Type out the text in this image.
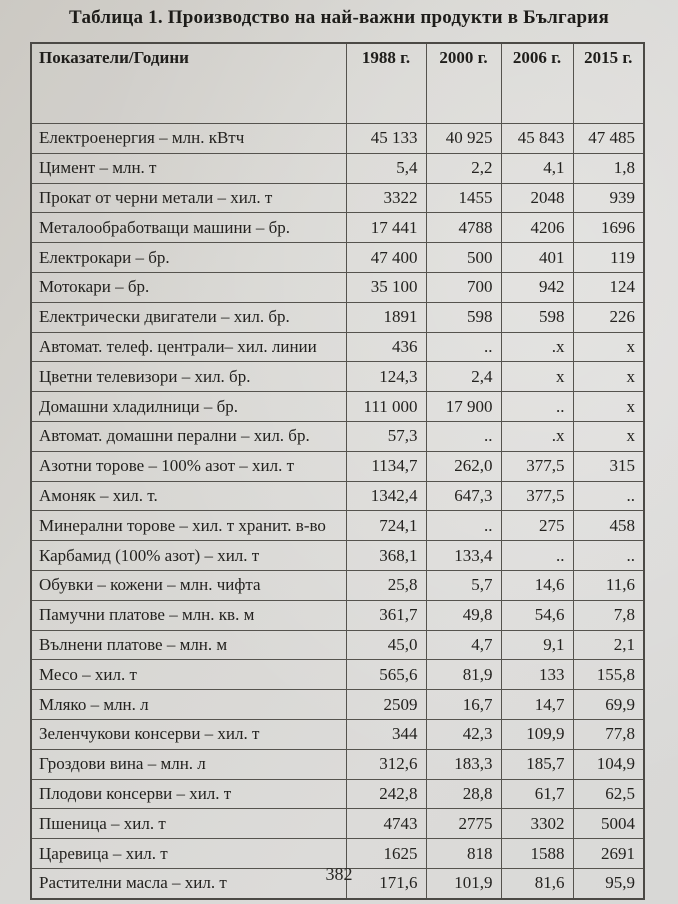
Таблица 1. Производство на най-важни продукти в България
Показатели/Години	1988 г.	2000 г.	2006 г.	2015 г.
Електроенергия – млн. кВтч	45 133	40 925	45 843	47 485
Цимент – млн. т	5,4	2,2	4,1	1,8
Прокат от черни метали – хил. т	3322	1455	2048	939
Металообработващи машини – бр.	17 441	4788	4206	1696
Електрокари – бр.	47 400	500	401	119
Мотокари – бр.	35 100	700	942	124
Електрически двигатели – хил. бр.	1891	598	598	226
Автомат. телеф. централи– хил. линии	436	..	.x	x
Цветни телевизори – хил. бр.	124,3	2,4	x	x
Домашни хладилници – бр.	111 000	17 900	..	x
Автомат. домашни перални – хил. бр.	57,3	..	.x	x
Азотни торове – 100% азот – хил. т	1134,7	262,0	377,5	315
Амоняк – хил. т.	1342,4	647,3	377,5	..
Минерални торове – хил. т хранит. в-во	724,1	..	275	458
Карбамид (100% азот) – хил. т	368,1	133,4	..	..
Обувки – кожени – млн. чифта	25,8	5,7	14,6	11,6
Памучни платове – млн. кв. м	361,7	49,8	54,6	7,8
Вълнени платове – млн. м	45,0	4,7	9,1	2,1
Месо – хил. т	565,6	81,9	133	155,8
Мляко – млн. л	2509	16,7	14,7	69,9
Зеленчукови консерви – хил. т	344	42,3	109,9	77,8
Гроздови вина – млн. л	312,6	183,3	185,7	104,9
Плодови консерви – хил. т	242,8	28,8	61,7	62,5
Пшеница – хил. т	4743	2775	3302	5004
Царевица – хил. т	1625	818	1588	2691
Растителни масла – хил. т	171,6	101,9	81,6	95,9
382
